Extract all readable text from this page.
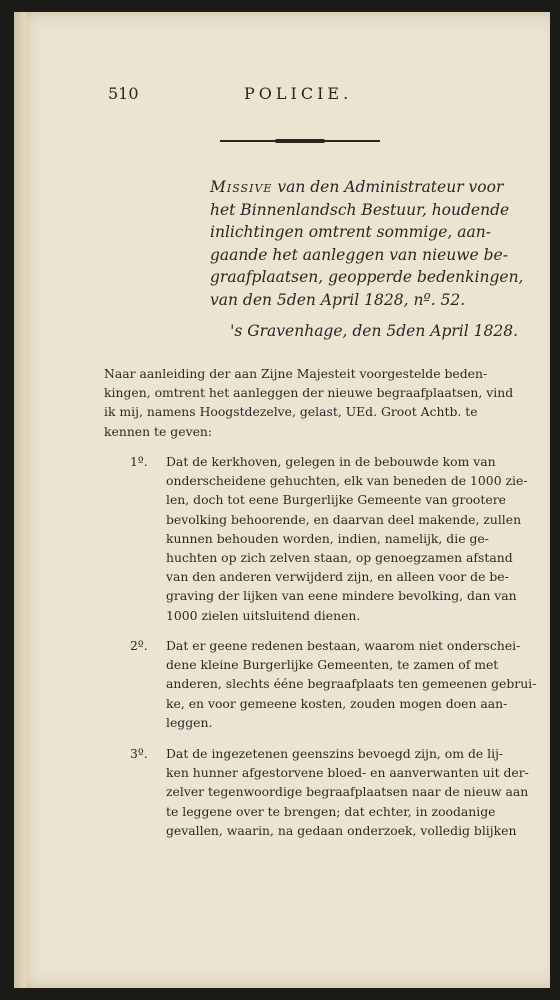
510	POLICIE.
Missive van den Administrateur voor
het Binnenlandsch Bestuur, houdende
inlichtingen omtrent sommige, aan-
gaande het aanleggen van nieuwe be-
graafplaatsen, geopperde bedenkingen,
van den 5den April 1828, nº. 52.
's Gravenhage, den 5den April 1828.
Naar aanleiding der aan Zijne Majesteit voorgestelde beden-
kingen, omtrent het aanleggen der nieuwe begraafplaatsen, vind
ik mij, namens Hoogstdezelve, gelast, UEd. Groot Achtb. te
kennen te geven:
1º. Dat de kerkhoven, gelegen in de bebouwde kom van
onderscheidene gehuchten, elk van beneden de 1000 zie-
len, doch tot eene Burgerlijke Gemeente van grootere
bevolking behoorende, en daarvan deel makende, zullen
kunnen behouden worden, indien, namelijk, die ge-
huchten op zich zelven staan, op genoegzamen afstand
van den anderen verwijderd zijn, en alleen voor de be-
graving der lijken van eene mindere bevolking, dan van
1000 zielen uitsluitend dienen.
2º. Dat er geene redenen bestaan, waarom niet onderschei-
dene kleine Burgerlijke Gemeenten, te zamen of met
anderen, slechts ééne begraafplaats ten gemeenen gebrui-
ke, en voor gemeene kosten, zouden mogen doen aan-
leggen.
3º. Dat de ingezetenen geenszins bevoegd zijn, om de lij-
ken hunner afgestorvene bloed- en aanverwanten uit der-
zelver tegenwoordige begraafplaatsen naar de nieuw aan
te leggene over te brengen; dat echter, in zoodanige
gevallen, waarin, na gedaan onderzoek, volledig blijken
